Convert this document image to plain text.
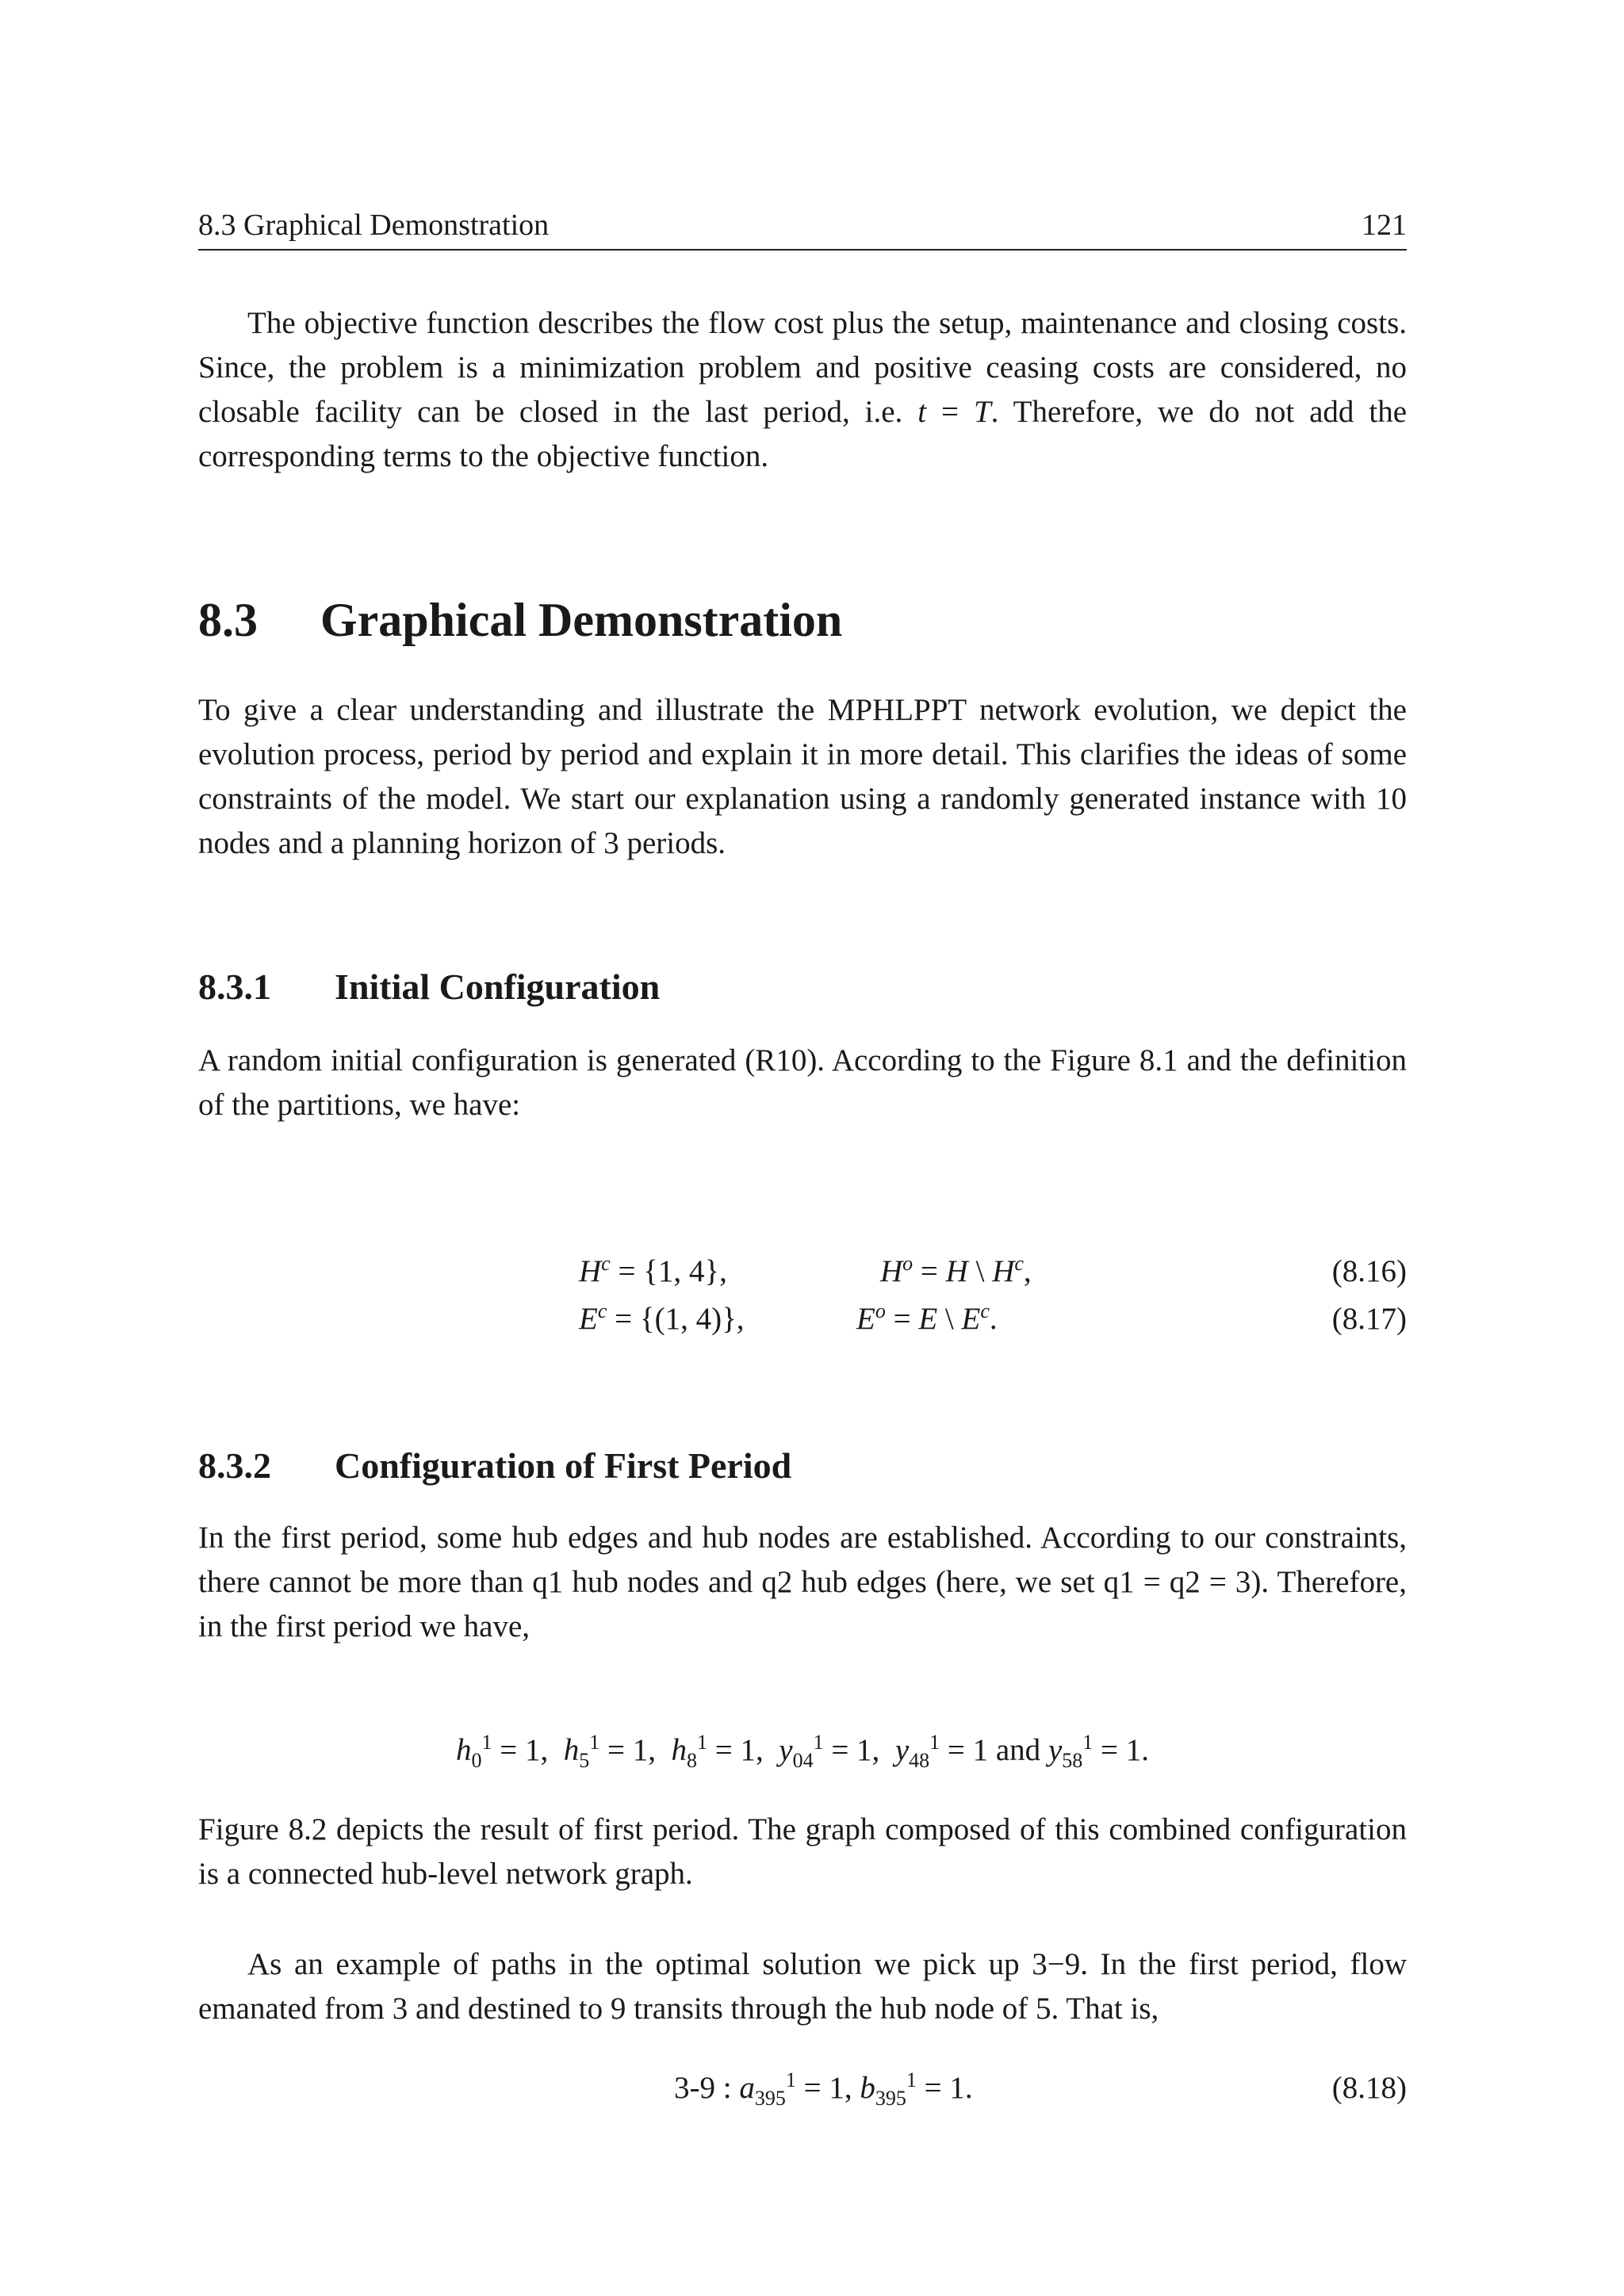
8.3 Graphical Demonstration	121

The objective function describes the flow cost plus the setup, maintenance and closing costs. Since, the problem is a minimization problem and positive ceasing costs are considered, no closable facility can be closed in the last period, i.e. t = T. Therefore, we do not add the corresponding terms to the objective function.

8.3 Graphical Demonstration

To give a clear understanding and illustrate the MPHLPPT network evolution, we depict the evolution process, period by period and explain it in more detail. This clarifies the ideas of some constraints of the model. We start our explanation using a randomly generated instance with 10 nodes and a planning horizon of 3 periods.

8.3.1 Initial Configuration

A random initial configuration is generated (R10). According to the Figure 8.1 and the definition of the partitions, we have:

$H^c = \{1$, 4},	$H^o = H$ \ $H^c$,	(8.16)
$E^c = \{(1$, 4)},	$E^o = E$ \ $E^c$.	(8.17)
8.3.2 Configuration of First Period

In the first period, some hub edges and hub nodes are established. According to our constraints, there cannot be more than q1 hub nodes and q2 hub edges (here, we set q1 = q2 = 3). Therefore, in the first period we have,

$h_0^1 = 1$,  $h_5^1 = 1$,  $h_8^1 = 1$,  $y_{04}^1 = 1$,  $y_{48}^1 = 1$ and $y_{58}^1 = 1$.

Figure 8.2 depicts the result of first period. The graph composed of this combined configuration is a connected hub-level network graph.

As an example of paths in the optimal solution we pick up 3−9. In the first period, flow emanated from 3 and destined to 9 transits through the hub node of 5. That is,

3-9 : $a_{395}^1 = 1$, $b_{395}^1 = 1$.	(8.18)
